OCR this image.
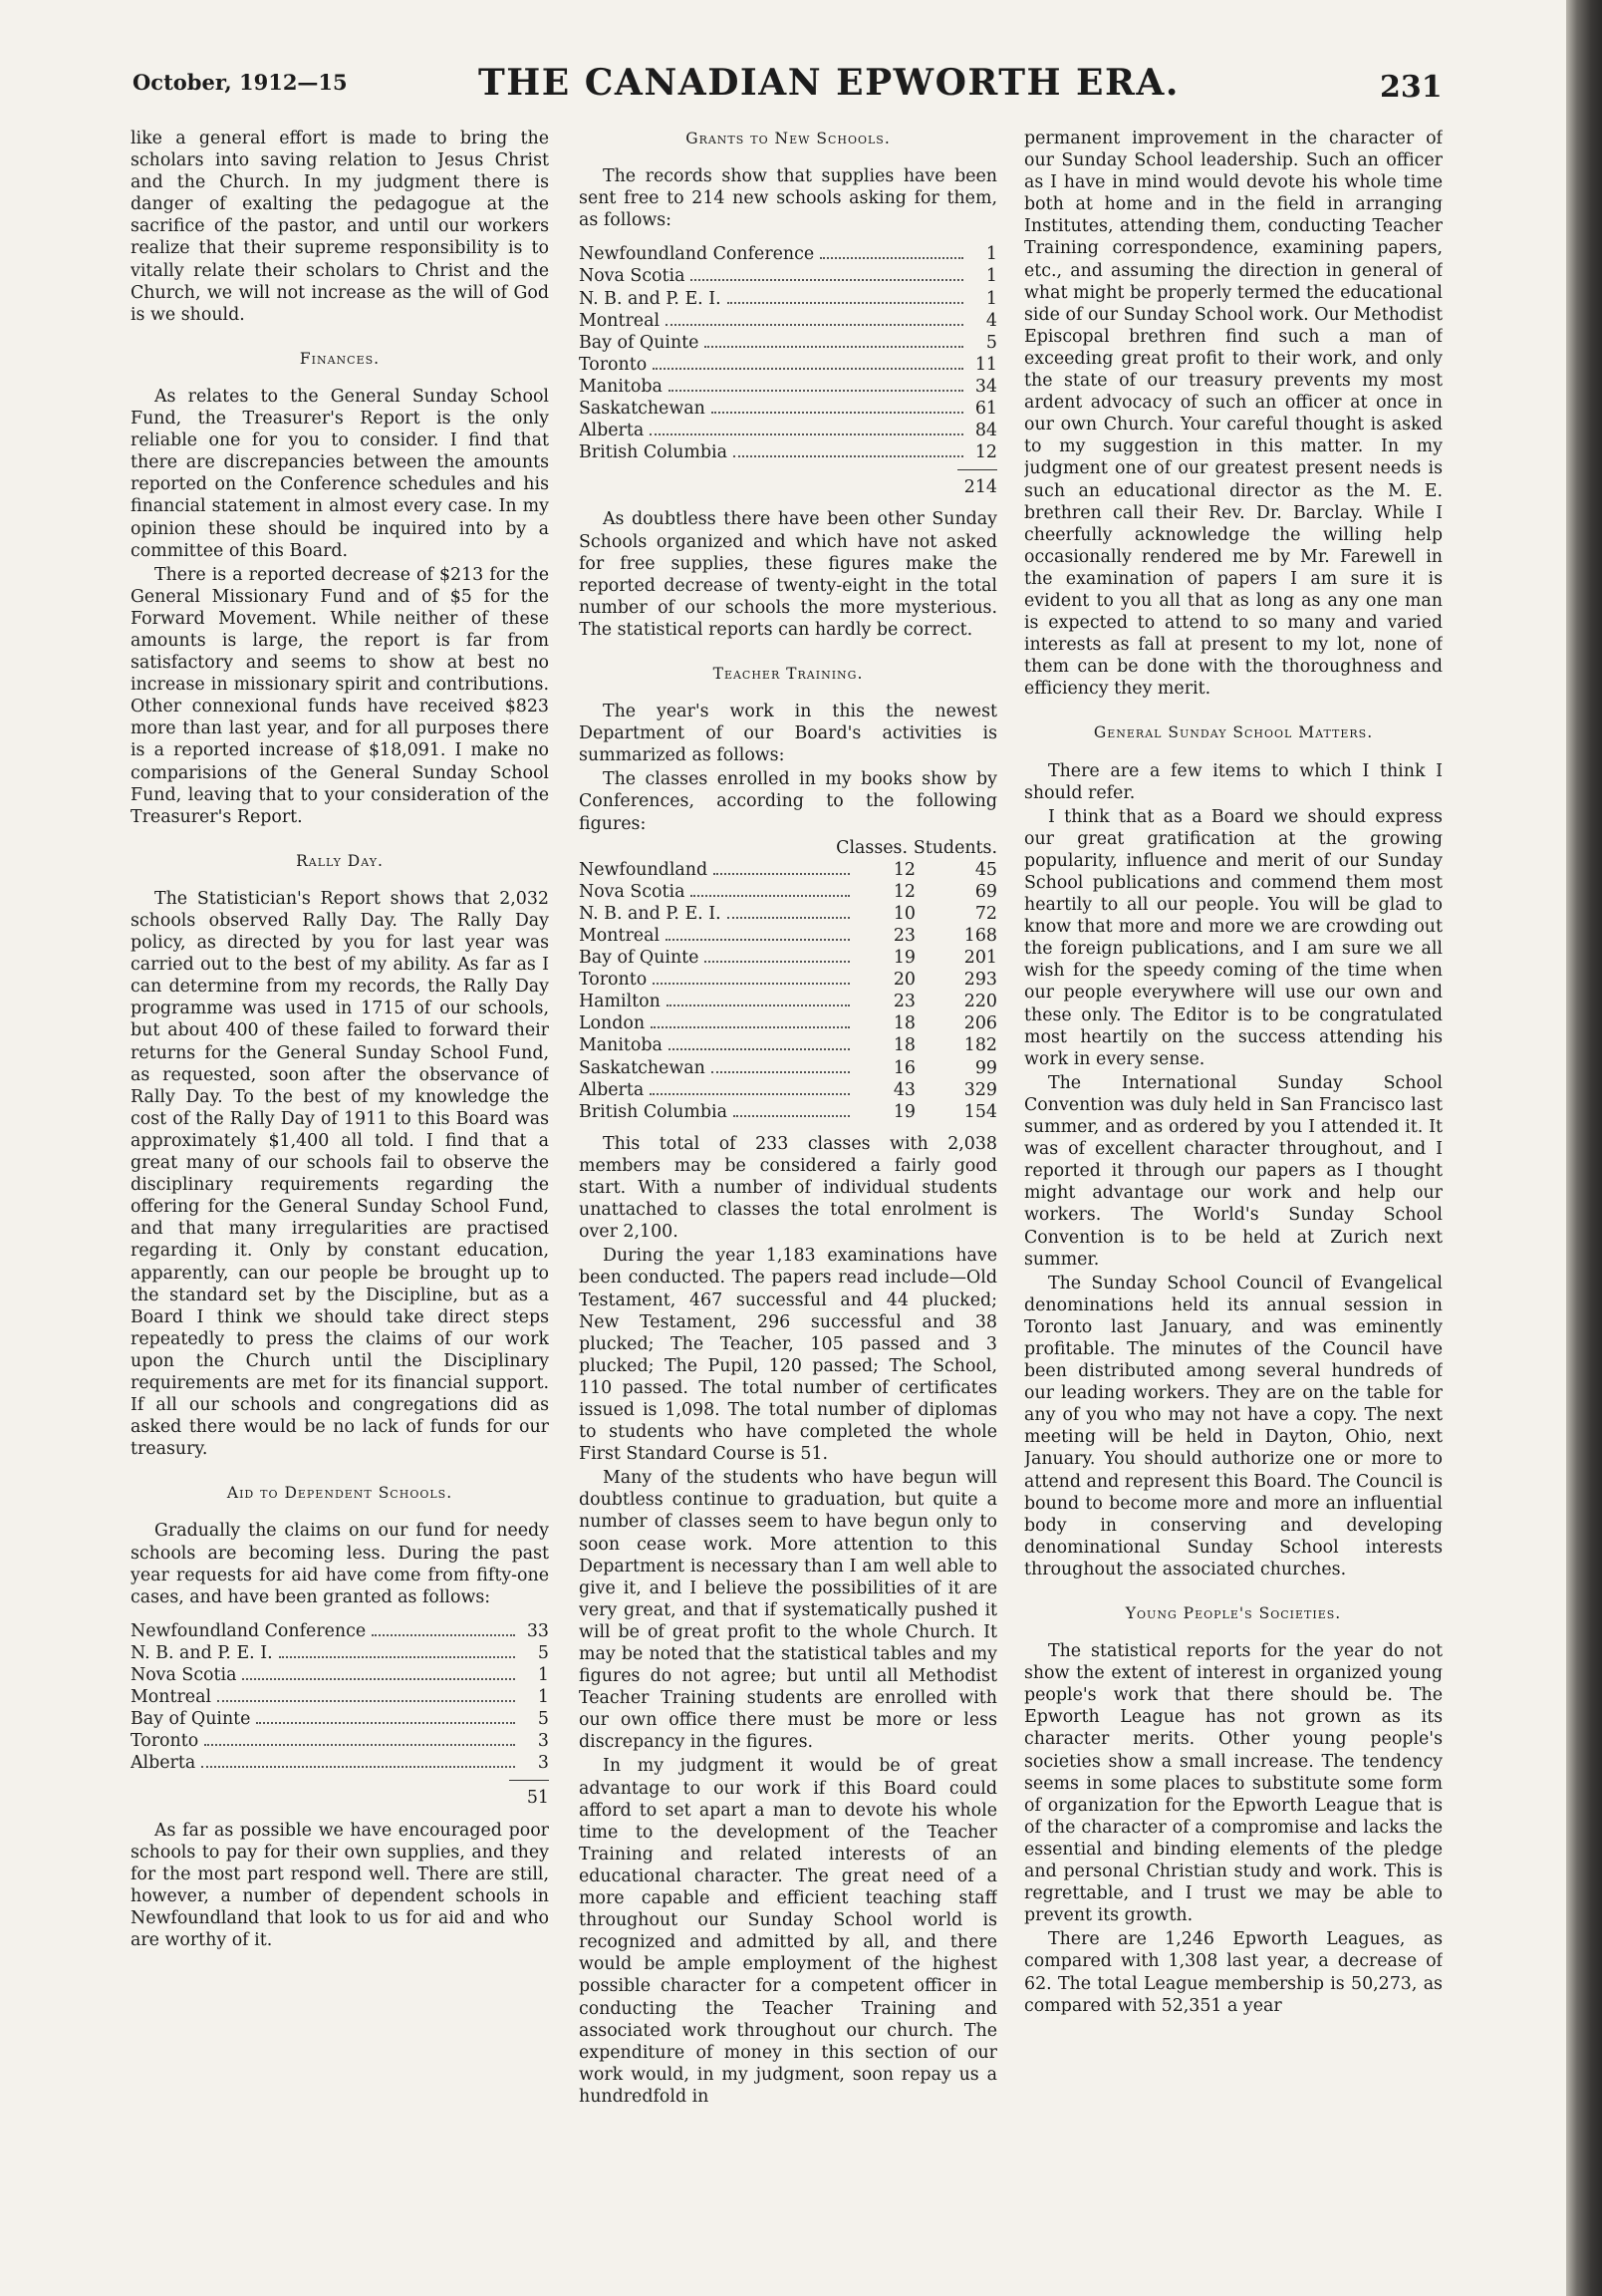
October, 1912—15	THE CANADIAN EPWORTH ERA.	231

like a general effort is made to bring the scholars into saving relation to Jesus Christ and the Church. In my judgment there is danger of exalting the pedagogue at the sacrifice of the pastor, and until our workers realize that their supreme responsibility is to vitally relate their scholars to Christ and the Church, we will not increase as the will of God is we should.

Finances.

As relates to the General Sunday School Fund, the Treasurer's Report is the only reliable one for you to consider. I find that there are discrepancies between the amounts reported on the Conference schedules and his financial statement in almost every case. In my opinion these should be inquired into by a committee of this Board.

There is a reported decrease of $213 for the General Missionary Fund and of $5 for the Forward Movement. While neither of these amounts is large, the report is far from satisfactory and seems to show at best no increase in missionary spirit and contributions. Other connexional funds have received $823 more than last year, and for all purposes there is a reported increase of $18,091. I make no comparisions of the General Sunday School Fund, leaving that to your consideration of the Treasurer's Report.

Rally Day.

The Statistician's Report shows that 2,032 schools observed Rally Day. The Rally Day policy, as directed by you for last year was carried out to the best of my ability. As far as I can determine from my records, the Rally Day programme was used in 1715 of our schools, but about 400 of these failed to forward their returns for the General Sunday School Fund, as requested, soon after the observance of Rally Day. To the best of my knowledge the cost of the Rally Day of 1911 to this Board was approximately $1,400 all told. I find that a great many of our schools fail to observe the disciplinary requirements regarding the offering for the General Sunday School Fund, and that many irregularities are practised regarding it. Only by constant education, apparently, can our people be brought up to the standard set by the Discipline, but as a Board I think we should take direct steps repeatedly to press the claims of our work upon the Church until the Disciplinary requirements are met for its financial support. If all our schools and congregations did as asked there would be no lack of funds for our treasury.

Aid to Dependent Schools.

Gradually the claims on our fund for needy schools are becoming less. During the past year requests for aid have come from fifty-one cases, and have been granted as follows:

Newfoundland Conference	33
N. B. and P. E. I.	5
Nova Scotia	1
Montreal	1
Bay of Quinte	5
Toronto	3
Alberta	3
51

As far as possible we have encouraged poor schools to pay for their own supplies, and they for the most part respond well. There are still, however, a number of dependent schools in Newfoundland that look to us for aid and who are worthy of it.

Grants to New Schools.

The records show that supplies have been sent free to 214 new schools asking for them, as follows:

Newfoundland Conference	1
Nova Scotia	1
N. B. and P. E. I.	1
Montreal	4
Bay of Quinte	5
Toronto	11
Manitoba	34
Saskatchewan	61
Alberta	84
British Columbia	12
214

As doubtless there have been other Sunday Schools organized and which have not asked for free supplies, these figures make the reported decrease of twenty-eight in the total number of our schools the more mysterious. The statistical reports can hardly be correct.

Teacher Training.

The year's work in this the newest Department of our Board's activities is summarized as follows:

The classes enrolled in my books show by Conferences, according to the following figures:

Classes. Students.
Newfoundland	12	45
Nova Scotia	12	69
N. B. and P. E. I.	10	72
Montreal	23	168
Bay of Quinte	19	201
Toronto	20	293
Hamilton	23	220
London	18	206
Manitoba	18	182
Saskatchewan	16	99
Alberta	43	329
British Columbia	19	154

This total of 233 classes with 2,038 members may be considered a fairly good start. With a number of individual students unattached to classes the total enrolment is over 2,100.

During the year 1,183 examinations have been conducted. The papers read include—Old Testament, 467 successful and 44 plucked; New Testament, 296 successful and 38 plucked; The Teacher, 105 passed and 3 plucked; The Pupil, 120 passed; The School, 110 passed. The total number of certificates issued is 1,098. The total number of diplomas to students who have completed the whole First Standard Course is 51.

Many of the students who have begun will doubtless continue to graduation, but quite a number of classes seem to have begun only to soon cease work. More attention to this Department is necessary than I am well able to give it, and I believe the possibilities of it are very great, and that if systematically pushed it will be of great profit to the whole Church. It may be noted that the statistical tables and my figures do not agree; but until all Methodist Teacher Training students are enrolled with our own office there must be more or less discrepancy in the figures.

In my judgment it would be of great advantage to our work if this Board could afford to set apart a man to devote his whole time to the development of the Teacher Training and related interests of an educational character. The great need of a more capable and efficient teaching staff throughout our Sunday School world is recognized and admitted by all, and there would be ample employment of the highest possible character for a competent officer in conducting the Teacher Training and associated work throughout our church. The expenditure of money in this section of our work would, in my judgment, soon repay us a hundredfold in

permanent improvement in the character of our Sunday School leadership. Such an officer as I have in mind would devote his whole time both at home and in the field in arranging Institutes, attending them, conducting Teacher Training correspondence, examining papers, etc., and assuming the direction in general of what might be properly termed the educational side of our Sunday School work. Our Methodist Episcopal brethren find such a man of exceeding great profit to their work, and only the state of our treasury prevents my most ardent advocacy of such an officer at once in our own Church. Your careful thought is asked to my suggestion in this matter. In my judgment one of our greatest present needs is such an educational director as the M. E. brethren call their Rev. Dr. Barclay. While I cheerfully acknowledge the willing help occasionally rendered me by Mr. Farewell in the examination of papers I am sure it is evident to you all that as long as any one man is expected to attend to so many and varied interests as fall at present to my lot, none of them can be done with the thoroughness and efficiency they merit.

General Sunday School Matters.

There are a few items to which I think I should refer.

I think that as a Board we should express our great gratification at the growing popularity, influence and merit of our Sunday School publications and commend them most heartily to all our people. You will be glad to know that more and more we are crowding out the foreign publications, and I am sure we all wish for the speedy coming of the time when our people everywhere will use our own and these only. The Editor is to be congratulated most heartily on the success attending his work in every sense.

The International Sunday School Convention was duly held in San Francisco last summer, and as ordered by you I attended it. It was of excellent character throughout, and I reported it through our papers as I thought might advantage our work and help our workers. The World's Sunday School Convention is to be held at Zurich next summer.

The Sunday School Council of Evangelical denominations held its annual session in Toronto last January, and was eminently profitable. The minutes of the Council have been distributed among several hundreds of our leading workers. They are on the table for any of you who may not have a copy. The next meeting will be held in Dayton, Ohio, next January. You should authorize one or more to attend and represent this Board. The Council is bound to become more and more an influential body in conserving and developing denominational Sunday School interests throughout the associated churches.

Young People's Societies.

The statistical reports for the year do not show the extent of interest in organized young people's work that there should be. The Epworth League has not grown as its character merits. Other young people's societies show a small increase. The tendency seems in some places to substitute some form of organization for the Epworth League that is of the character of a compromise and lacks the essential and binding elements of the pledge and personal Christian study and work. This is regrettable, and I trust we may be able to prevent its growth.

There are 1,246 Epworth Leagues, as compared with 1,308 last year, a decrease of 62. The total League membership is 50,273, as compared with 52,351 a year
